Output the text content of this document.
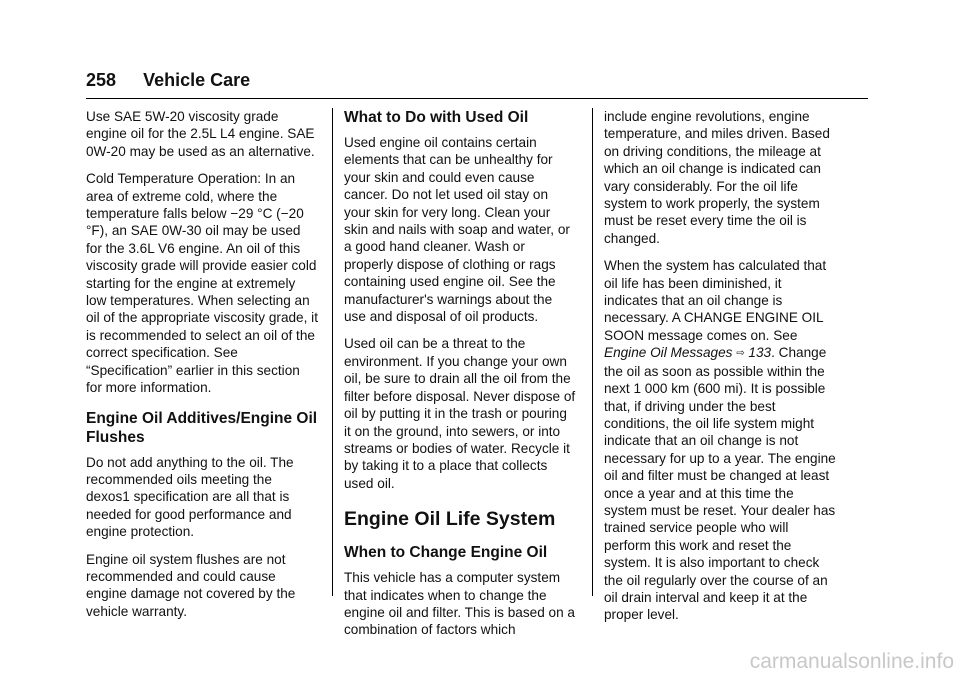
258 Vehicle Care

Use SAE 5W-20 viscosity grade engine oil for the 2.5L L4 engine. SAE 0W-20 may be used as an alternative.

Cold Temperature Operation: In an area of extreme cold, where the temperature falls below −29 °C (−20 °F), an SAE 0W-30 oil may be used for the 3.6L V6 engine. An oil of this viscosity grade will provide easier cold starting for the engine at extremely low temperatures. When selecting an oil of the appropriate viscosity grade, it is recommended to select an oil of the correct specification. See “Specification” earlier in this section for more information.

Engine Oil Additives/Engine Oil Flushes

Do not add anything to the oil. The recommended oils meeting the dexos1 specification are all that is needed for good performance and engine protection.

Engine oil system flushes are not recommended and could cause engine damage not covered by the vehicle warranty.

What to Do with Used Oil

Used engine oil contains certain elements that can be unhealthy for your skin and could even cause cancer. Do not let used oil stay on your skin for very long. Clean your skin and nails with soap and water, or a good hand cleaner. Wash or properly dispose of clothing or rags containing used engine oil. See the manufacturer's warnings about the use and disposal of oil products.

Used oil can be a threat to the environment. If you change your own oil, be sure to drain all the oil from the filter before disposal. Never dispose of oil by putting it in the trash or pouring it on the ground, into sewers, or into streams or bodies of water. Recycle it by taking it to a place that collects used oil.

Engine Oil Life System
When to Change Engine Oil

This vehicle has a computer system that indicates when to change the engine oil and filter. This is based on a combination of factors which

include engine revolutions, engine temperature, and miles driven. Based on driving conditions, the mileage at which an oil change is indicated can vary considerably. For the oil life system to work properly, the system must be reset every time the oil is changed.

When the system has calculated that oil life has been diminished, it indicates that an oil change is necessary. A CHANGE ENGINE OIL SOON message comes on. See Engine Oil Messages ⇨ 133. Change the oil as soon as possible within the next 1 000 km (600 mi). It is possible that, if driving under the best conditions, the oil life system might indicate that an oil change is not necessary for up to a year. The engine oil and filter must be changed at least once a year and at this time the system must be reset. Your dealer has trained service people who will perform this work and reset the system. It is also important to check the oil regularly over the course of an oil drain interval and keep it at the proper level.

carmanualsonline.info
